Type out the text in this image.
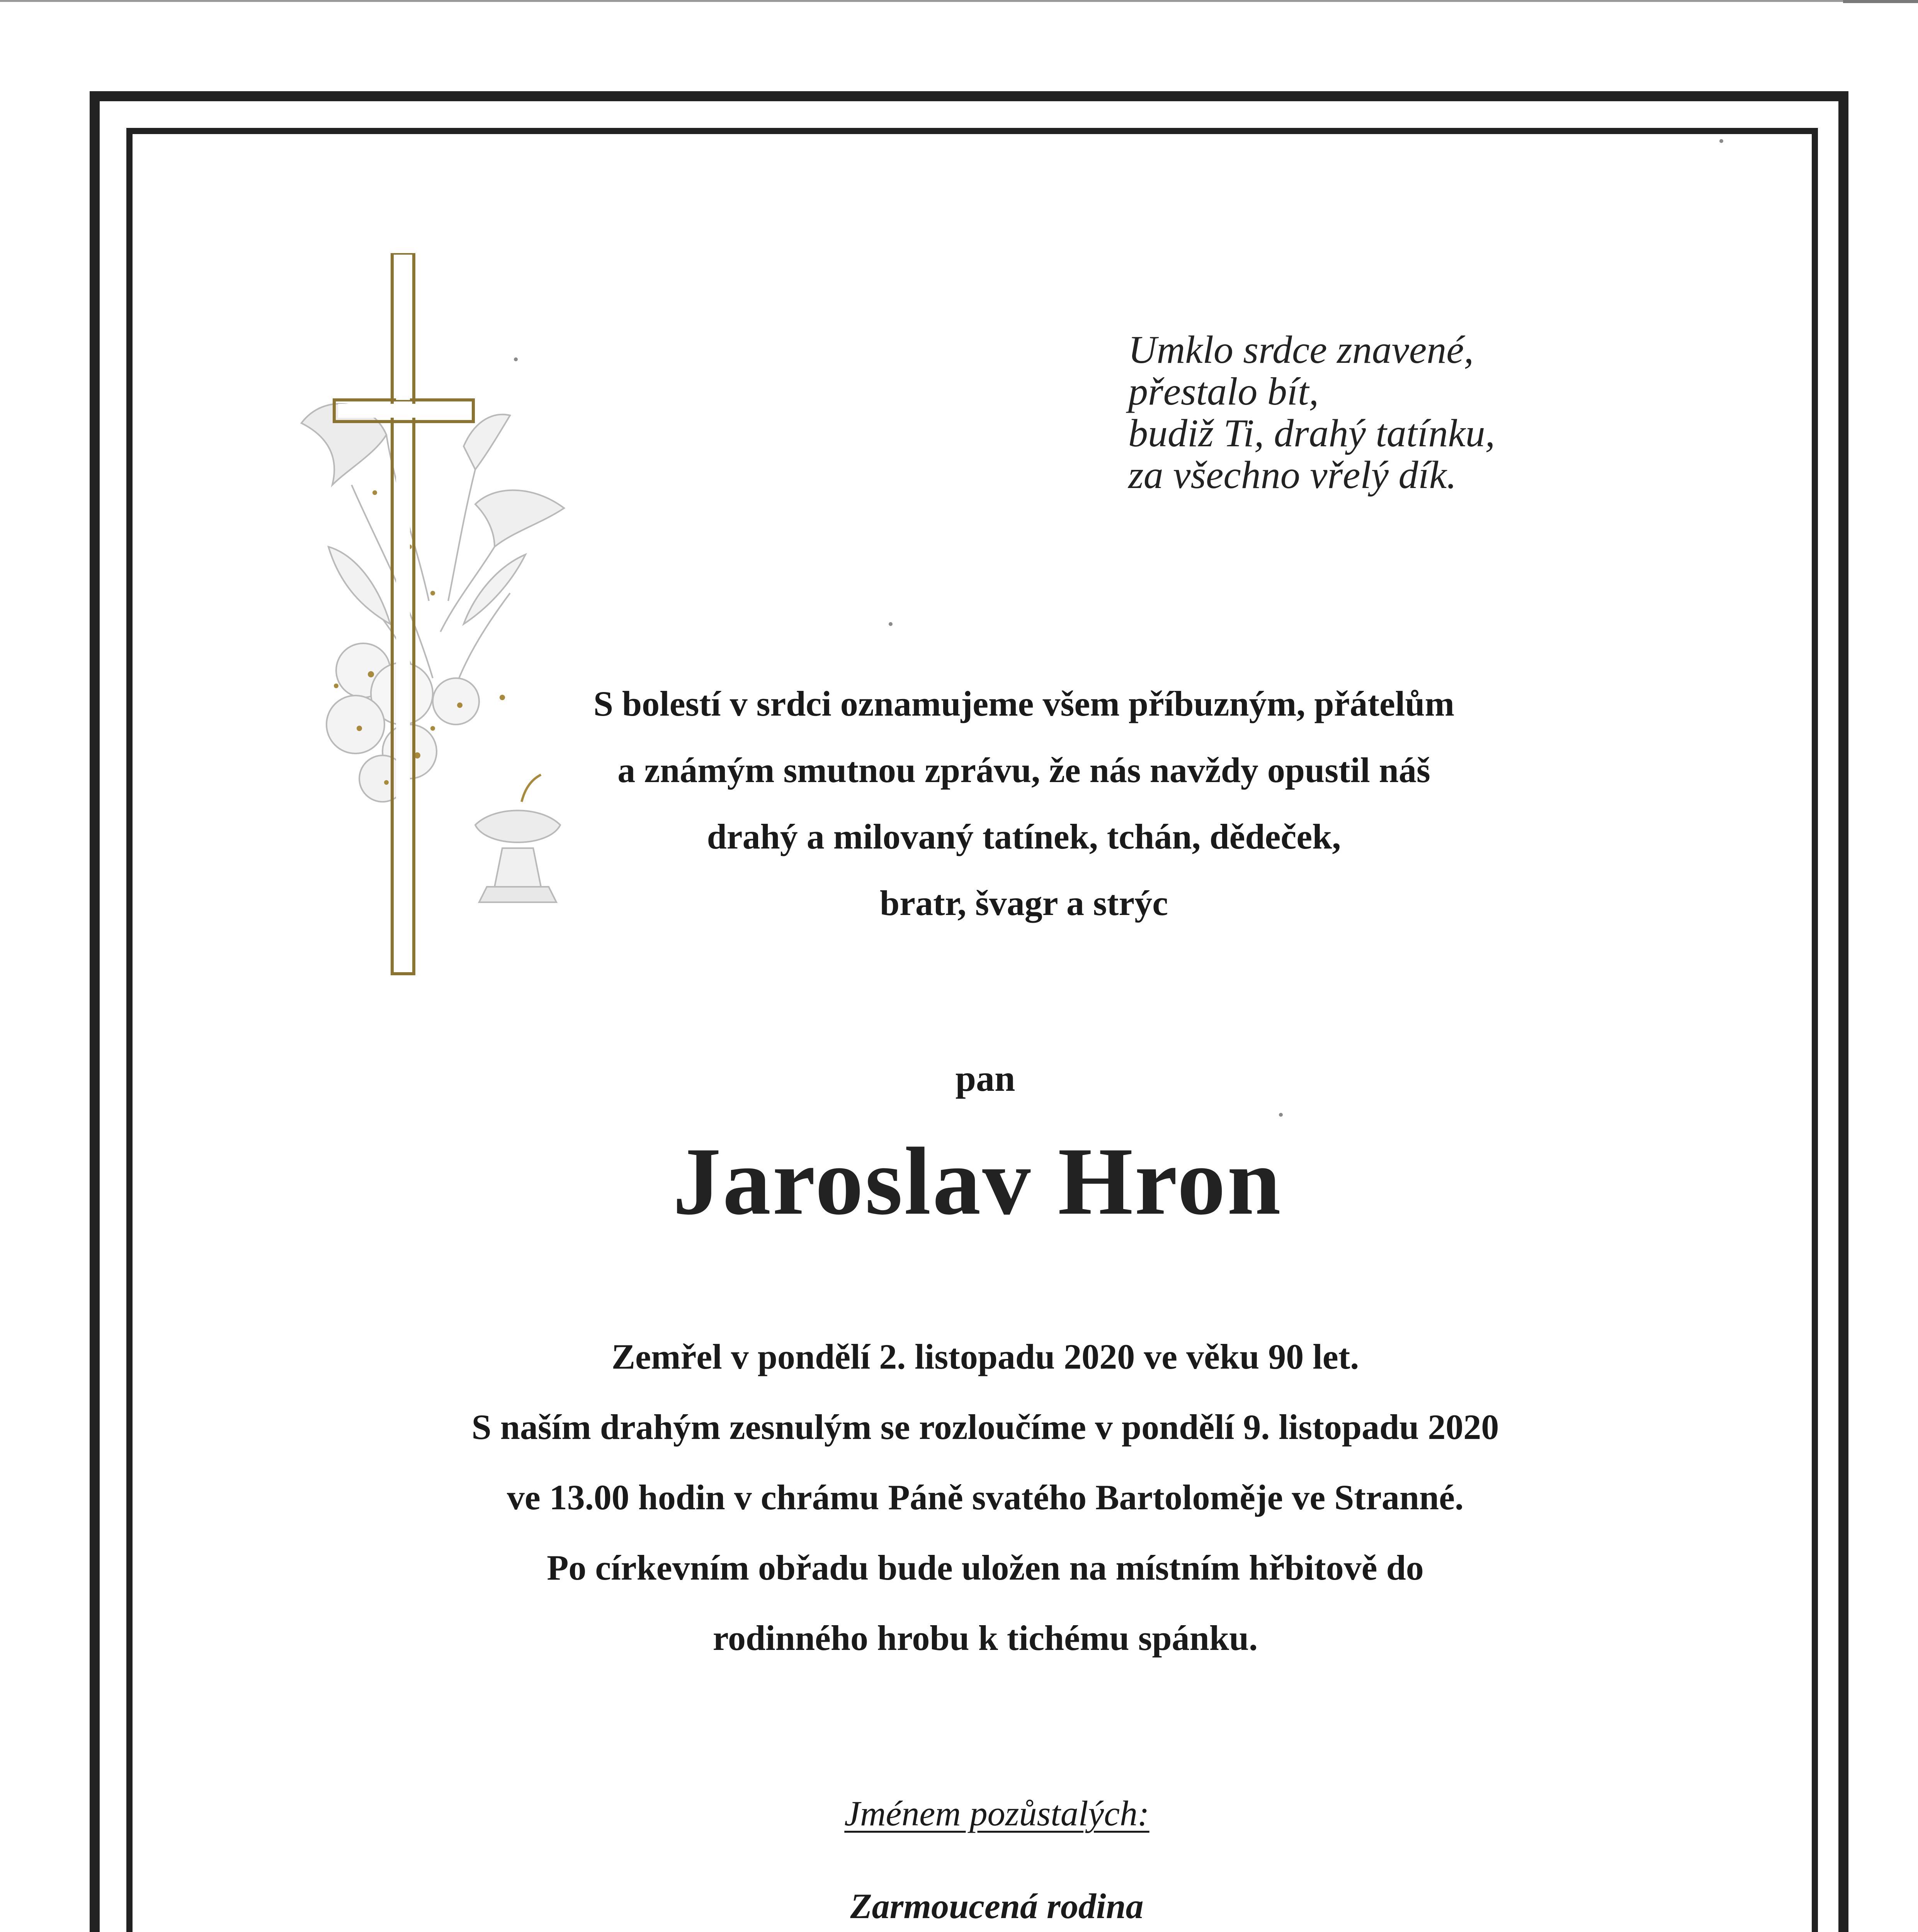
Umklo srdce znavené,
přestalo bít,
budiž Ti, drahý tatínku,
za všechno vřelý dík.
S bolestí v srdci oznamujeme všem příbuzným, přátelům
a známým smutnou zprávu, že nás navždy opustil náš
drahý a milovaný tatínek, tchán, dědeček,
bratr, švagr a strýc
pan
Jaroslav Hron
Zemřel v pondělí 2. listopadu 2020 ve věku 90 let.
S naším drahým zesnulým se rozloučíme v pondělí 9. listopadu 2020
ve 13.00 hodin v chrámu Páně svatého Bartoloměje ve Stranné.
Po církevním obřadu bude uložen na místním hřbitově do
rodinného hrobu k tichému spánku.
Jménem pozůstalých:
Zarmoucená rodina
